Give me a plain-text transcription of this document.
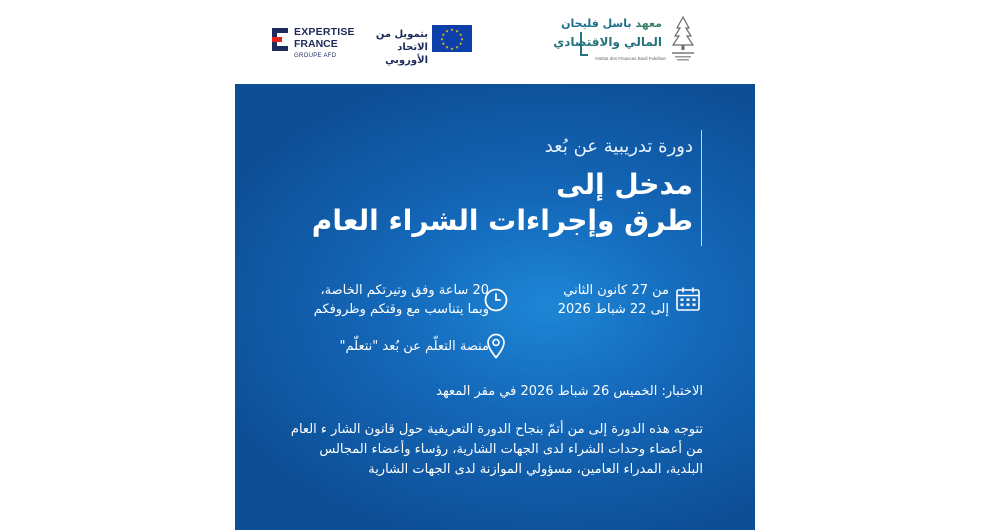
EXPERTISE
FRANCE
GROUPE AFD
بتمويل من
الاتحاد الأوروبي
★ ★
★
★
★
★
★
★
★
★
★
★
معهد باسل فليحان
المالي والاقتصادي
Institut des Finances Basil Fuleihan
دورة تدريبية عن بُعد
مدخل إلى
طرق وإجراءات الشراء العام
من 27 كانون الثاني
إلى 22 شباط 2026
20 ساعة وفق وتيرتكم الخاصة،
وبما يتناسب مع وقتكم وظروفكم
منصة التعلّم عن بُعد "نتعلّم"
الاختبار: الخميس 26 شباط 2026 في مقر المعهد
تتوجه هذه الدورة إلى من أتمّ بنجاح الدورة التعريفية حول قانون الشار ء العام
من أعضاء وحدات الشراء لدى الجهات الشارية، رؤساء وأعضاء المجالس
البلدية، المدراء العامين، مسؤولي الموازنة لدى الجهات الشارية
